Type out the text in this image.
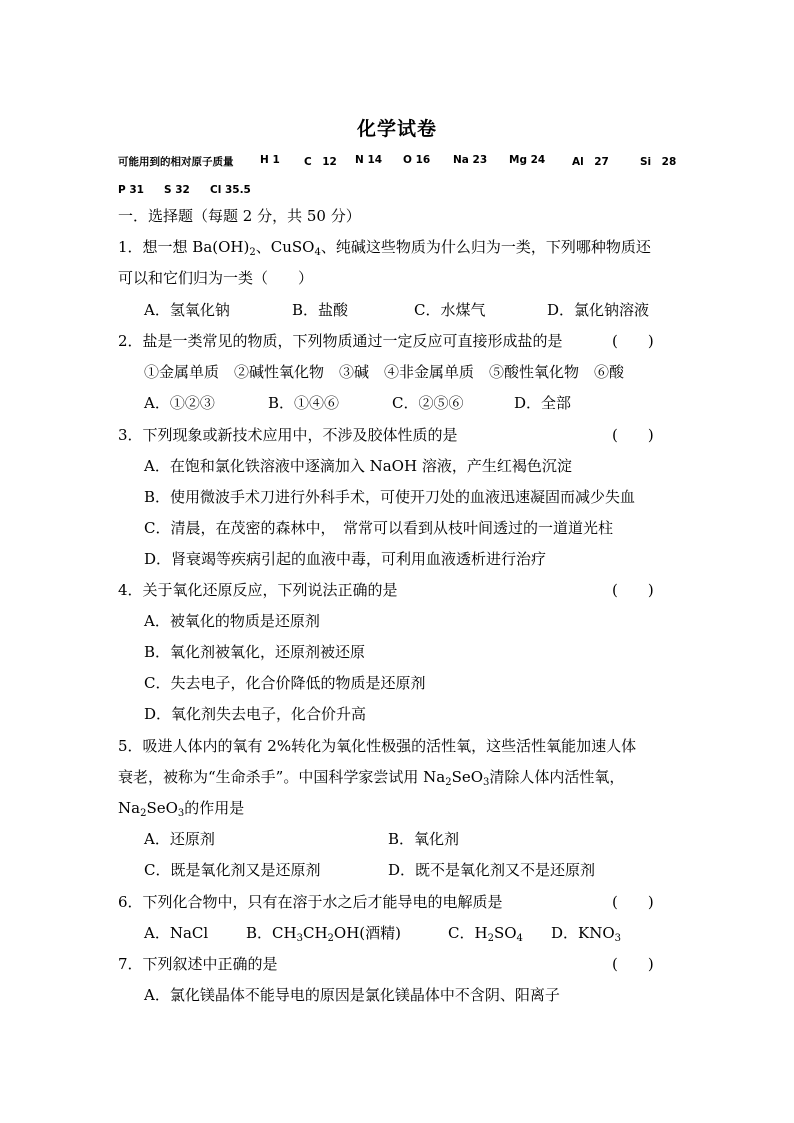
化学试卷
可能用到的相对原子质量	H 1 C　12 N 14 O 16 Na 23 Mg 24	Al　27	Si　28
P 31 S 32 Cl 35.5
一．选择题（每题 2 分，共 50 分）
1．想一想 $Ba(OH)_2$、CuSO$_4$、纯碱这些物质为什么归为一类，下列哪种物质还
可以和它们归为一类（　　）
A．氢氧化钠	B．盐酸	C．水煤气	D．氯化钠溶液
2．盐是一类常见的物质，下列物质通过一定反应可直接形成盐的是	(　　)
①金属单质　②碱性氧化物　③碱　④非金属单质　⑤酸性氧化物　⑥酸
A．①②③	B．①④⑥	C．②⑤⑥	D．全部
3．下列现象或新技术应用中，不涉及胶体性质的是	(　　)
A．在饱和氯化铁溶液中逐滴加入 NaOH 溶液，产生红褐色沉淀
B．使用微波手术刀进行外科手术，可使开刀处的血液迅速凝固而减少失血
C．清晨，在茂密的森林中，　常常可以看到从枝叶间透过的一道道光柱
D．肾衰竭等疾病引起的血液中毒，可利用血液透析进行治疗
4．关于氧化还原反应，下列说法正确的是	(　　)
A．被氧化的物质是还原剂
B．氧化剂被氧化，还原剂被还原
C．失去电子，化合价降低的物质是还原剂
D．氧化剂失去电子，化合价升高
5．吸进人体内的氧有 2%转化为氧化性极强的活性氧，这些活性氧能加速人体
衰老，被称为“生命杀手”。中国科学家尝试用 $Na_2SeO_3$清除人体内活性氧，
$Na_2SeO_3$的作用是
A．还原剂	B．氧化剂
C．既是氧化剂又是还原剂	D．既不是氧化剂又不是还原剂
6．下列化合物中，只有在溶于水之后才能导电的电解质是	(　　)
A．NaCl	B．$CH_3CH_2OH$(酒精)	C．$H_2SO_4$ D．$KNO_3$
7．下列叙述中正确的是	(　　)
A．氯化镁晶体不能导电的原因是氯化镁晶体中不含阴、阳离子
